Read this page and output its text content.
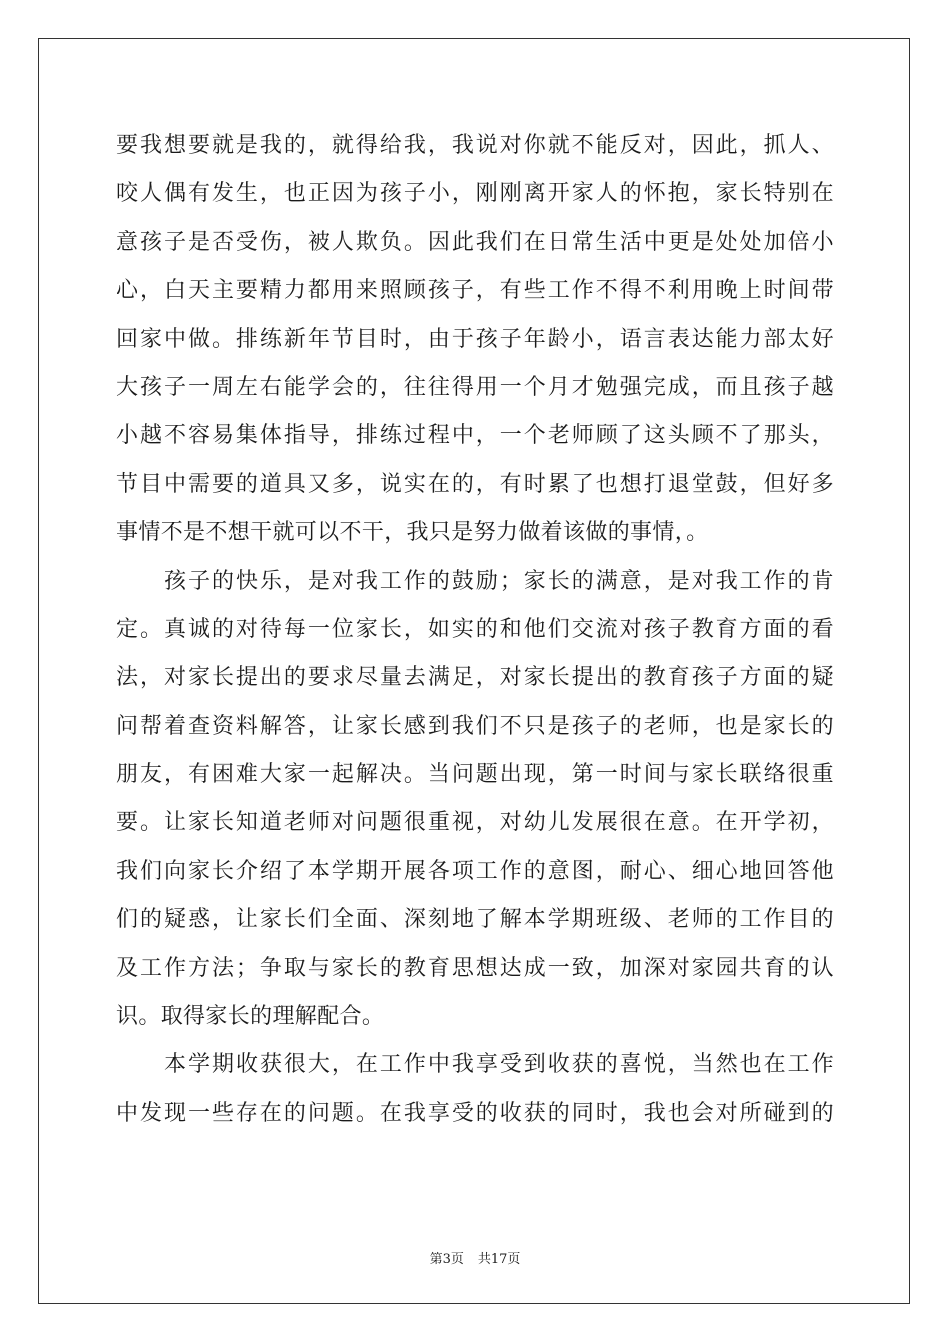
要我想要就是我的，就得给我，我说对你就不能反对，因此，抓人、
咬人偶有发生，也正因为孩子小，刚刚离开家人的怀抱，家长特别在
意孩子是否受伤，被人欺负。因此我们在日常生活中更是处处加倍小
心，白天主要精力都用来照顾孩子，有些工作不得不利用晚上时间带
回家中做。排练新年节目时，由于孩子年龄小，语言表达能力部太好
大孩子一周左右能学会的，往往得用一个月才勉强完成，而且孩子越
小越不容易集体指导，排练过程中，一个老师顾了这头顾不了那头，
节目中需要的道具又多，说实在的，有时累了也想打退堂鼓，但好多
事情不是不想干就可以不干，我只是努力做着该做的事情，。
孩子的快乐，是对我工作的鼓励；家长的满意，是对我工作的肯
定。真诚的对待每一位家长，如实的和他们交流对孩子教育方面的看
法，对家长提出的要求尽量去满足，对家长提出的教育孩子方面的疑
问帮着查资料解答，让家长感到我们不只是孩子的老师，也是家长的
朋友，有困难大家一起解决。当问题出现，第一时间与家长联络很重
要。让家长知道老师对问题很重视，对幼儿发展很在意。在开学初，
我们向家长介绍了本学期开展各项工作的意图，耐心、细心地回答他
们的疑惑，让家长们全面、深刻地了解本学期班级、老师的工作目的
及工作方法；争取与家长的教育思想达成一致，加深对家园共育的认
识。取得家长的理解配合。
本学期收获很大，在工作中我享受到收获的喜悦，当然也在工作
中发现一些存在的问题。在我享受的收获的同时，我也会对所碰到的
第3页 共17页
